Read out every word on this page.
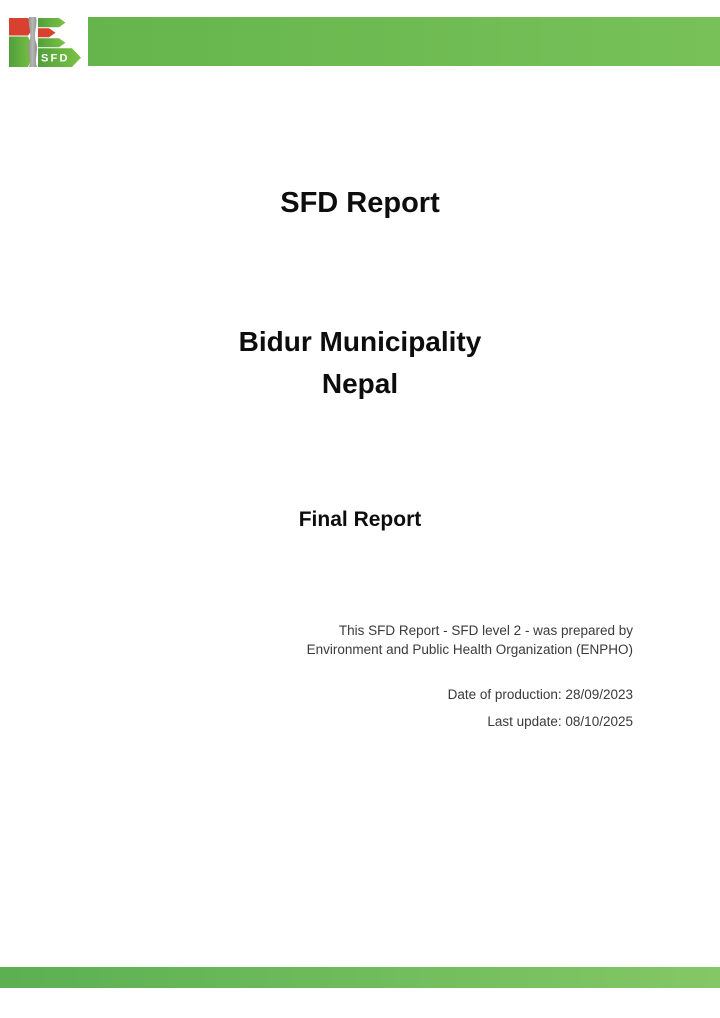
SFD
SFD Report
Bidur Municipality
Nepal
Final Report
This SFD Report - SFD level 2 - was prepared by
Environment and Public Health Organization (ENPHO)
Date of production: 28/09/2023
Last update: 08/10/2025
